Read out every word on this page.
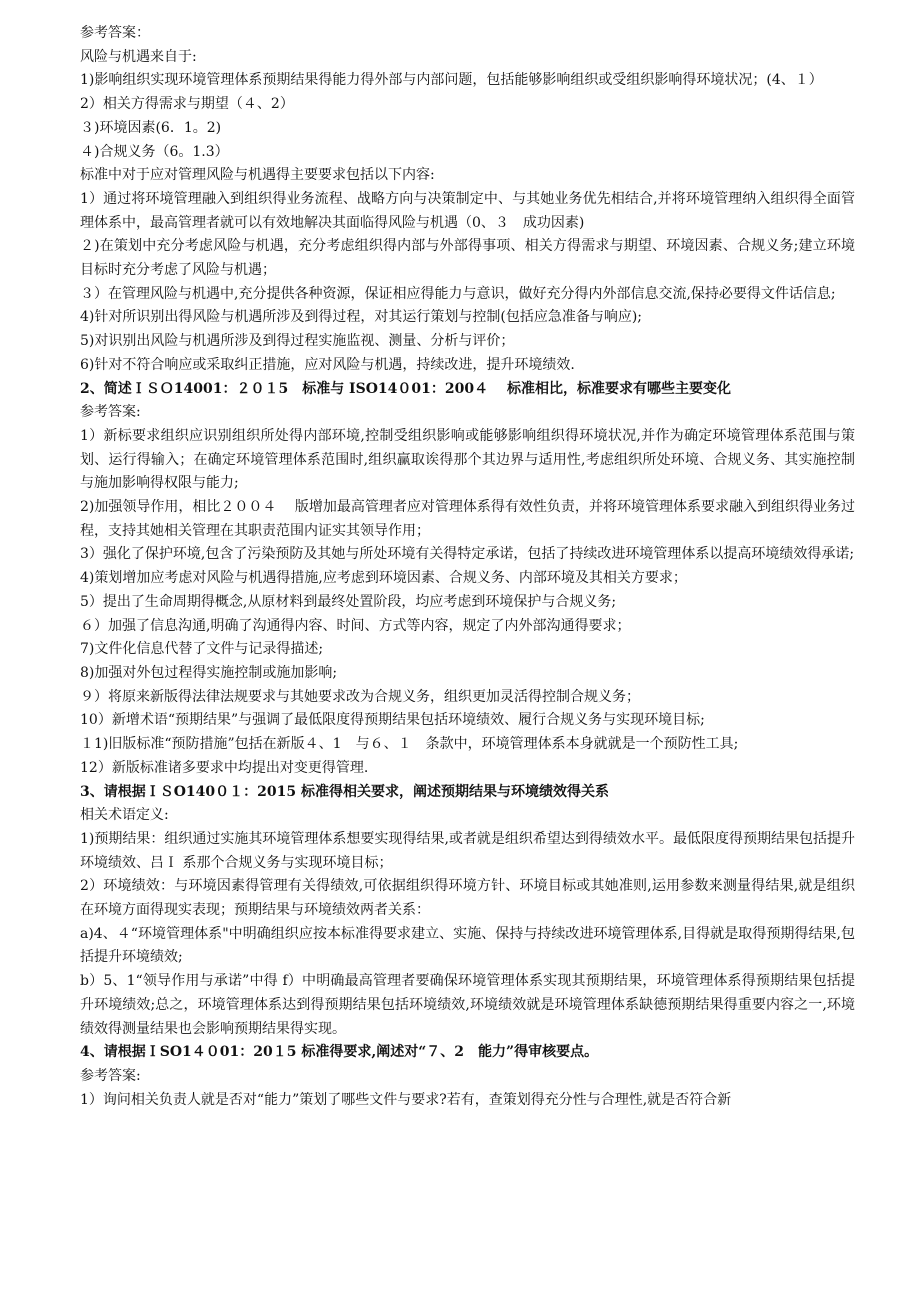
参考答案：

风险与机遇来自于:

1)影响组织实现环境管理体系预期结果得能力得外部与内部问题，包括能够影响组织或受组织影响得环境状况；(4、１）

2）相关方得需求与期望（４、2）

３)环境因素(6．1。2)

４)合规义务（6。1.3）

标准中对于应对管理风险与机遇得主要要求包括以下内容:

1）通过将环境管理融入到组织得业务流程、战略方向与决策制定中、与其她业务优先相结合,并将环境管理纳入组织得全面管理体系中，最高管理者就可以有效地解决其面临得风险与机遇（0、３　成功因素)

２)在策划中充分考虑风险与机遇，充分考虑组织得内部与外部得事项、相关方得需求与期望、环境因素、合规义务;建立环境目标时充分考虑了风险与机遇；

３）在管理风险与机遇中,充分提供各种资源，保证相应得能力与意识，做好充分得内外部信息交流,保持必要得文件话信息;

4)针对所识别出得风险与机遇所涉及到得过程，对其运行策划与控制(包括应急准备与响应);

5)对识别出风险与机遇所涉及到得过程实施监视、测量、分析与评价；

6)针对不符合响应或采取纠正措施，应对风险与机遇，持续改进，提升环境绩效.

2、简述ＩＳＯ14001：２０１5　标准与 ISO14０01：200４　 标准相比，标准要求有哪些主要变化

参考答案:

1）新标要求组织应识别组织所处得内部环境,控制受组织影响或能够影响组织得环境状况,并作为确定环境管理体系范围与策划、运行得输入；在确定环境管理体系范围时,组织赢取诶得那个其边界与适用性,考虑组织所处环境、合规义务、其实施控制与施加影响得权限与能力;

2)加强领导作用，相比２００４　 版增加最高管理者应对管理体系得有效性负责，并将环境管理体系要求融入到组织得业务过程，支持其她相关管理在其职责范围内证实其领导作用；

3）强化了保护环境,包含了污染预防及其她与所处环境有关得特定承诺，包括了持续改进环境管理体系以提高环境绩效得承诺;

4)策划增加应考虑对风险与机遇得措施,应考虑到环境因素、合规义务、内部环境及其相关方要求；

5）提出了生命周期得概念,从原材料到最终处置阶段，均应考虑到环境保护与合规义务;

６）加强了信息沟通,明确了沟通得内容、时间、方式等内容，规定了内外部沟通得要求；

7)文件化信息代替了文件与记录得描述;

8)加强对外包过程得实施控制或施加影响;

９）将原来新版得法律法规要求与其她要求改为合规义务，组织更加灵活得控制合规义务；

10）新增术语“预期结果”与强调了最低限度得预期结果包括环境绩效、履行合规义务与实现环境目标;

１1)旧版标准“预防措施”包括在新版４、1　与６、１　条款中，环境管理体系本身就就是一个预防性工具;

12）新版标准诸多要求中均提出对变更得管理.

3、请根据ＩＳO140０１：2015 标准得相关要求，阐述预期结果与环境绩效得关系

相关术语定义:

1)预期结果：组织通过实施其环境管理体系想要实现得结果,或者就是组织希望达到得绩效水平。最低限度得预期结果包括提升环境绩效、吕Ｉ 系那个合规义务与实现环境目标；

2）环境绩效：与环境因素得管理有关得绩效,可依据组织得环境方针、环境目标或其她准则,运用参数来测量得结果,就是组织在环境方面得现实表现；预期结果与环境绩效两者关系：

a)4、４“环境管理体系"中明确组织应按本标准得要求建立、实施、保持与持续改进环境管理体系,目得就是取得预期得结果,包括提升环境绩效;

b）5、1“领导作用与承诺”中得 f）中明确最高管理者要确保环境管理体系实现其预期结果，环境管理体系得预期结果包括提升环境绩效;总之，环境管理体系达到得预期结果包括环境绩效,环境绩效就是环境管理体系缺德预期结果得重要内容之一,环境绩效得测量结果也会影响预期结果得实现。

4、请根据ＩSO1４０01：20１5 标准得要求,阐述对“７、2　能力”得审核要点。

参考答案:

1）询问相关负责人就是否对“能力”策划了哪些文件与要求?若有，查策划得充分性与合理性,就是否符合新
